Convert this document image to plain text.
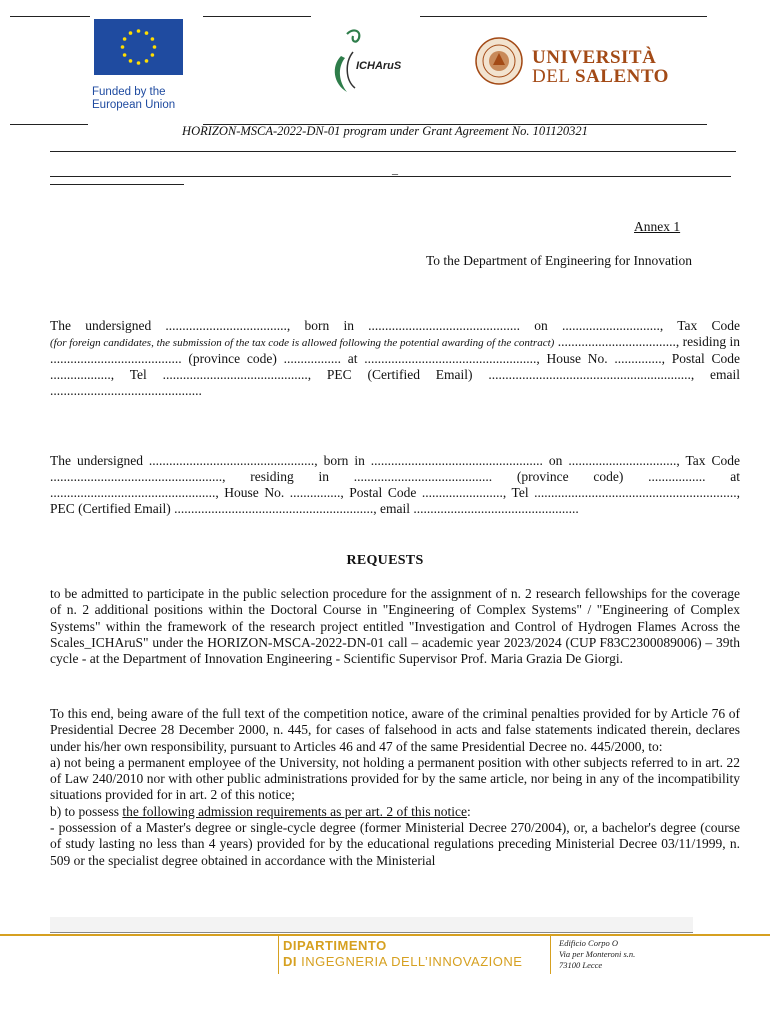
Funded by the
European Union
ICHAruS	UNIVERSITÀ
DEL SALENTO
HORIZON-MSCA-2022-DN-01 program under Grant Agreement No. 101120321
_
Annex 1
To the Department of Engineering for Innovation
The undersigned ...................................., born in ............................................. on ............................., Tax Code
(for foreign candidates, the submission of the tax code is allowed following the potential awarding of the contract) ..................................., residing in ....................................... (province code) ................. at ..................................................., House No. .............., Postal Code .................., Tel ..........................................., PEC (Certified Email) ............................................................, email .............................................
The undersigned ................................................., born in ................................................... on ................................, Tax Code ..................................................., residing in ......................................... (province code) ................. at ................................................., House No. ..............., Postal Code ........................, Tel ............................................................, PEC (Certified Email) ..........................................................., email .................................................
REQUESTS
to be admitted to participate in the public selection procedure for the assignment of n. 2 research fellowships for the coverage of n. 2 additional positions within the Doctoral Course in "Engineering of Complex Systems" / "Engineering of Complex Systems" within the framework of the research project entitled "Investigation and Control of Hydrogen Flames Across the Scales_ICHAruS" under the HORIZON-MSCA-2022-DN-01 call – academic year 2023/2024 (CUP F83C2300089006) – 39th cycle - at the Department of Innovation Engineering - Scientific Supervisor Prof. Maria Grazia De Giorgi.
To this end, being aware of the full text of the competition notice, aware of the criminal penalties provided for by Article 76 of Presidential Decree 28 December 2000, n. 445, for cases of falsehood in acts and false statements indicated therein, declares under his/her own responsibility, pursuant to Articles 46 and 47 of the same Presidential Decree no. 445/2000, to:
a) not being a permanent employee of the University, not holding a permanent position with other subjects referred to in art. 22 of Law 240/2010 nor with other public administrations provided for by the same article, nor being in any of the incompatibility situations provided for in art. 2 of this notice;
b) to possess the following admission requirements as per art. 2 of this notice:
- possession of a Master's degree or single-cycle degree (former Ministerial Decree 270/2004), or, a bachelor's degree (course of study lasting no less than 4 years) provided for by the educational regulations preceding Ministerial Decree 03/11/1999, n. 509 or the specialist degree obtained in accordance with the Ministerial
DIPARTIMENTO
DI INGEGNERIA DELL’INNOVAZIONE
Edificio Corpo O
Via per Monteroni s.n.
73100 Lecce
